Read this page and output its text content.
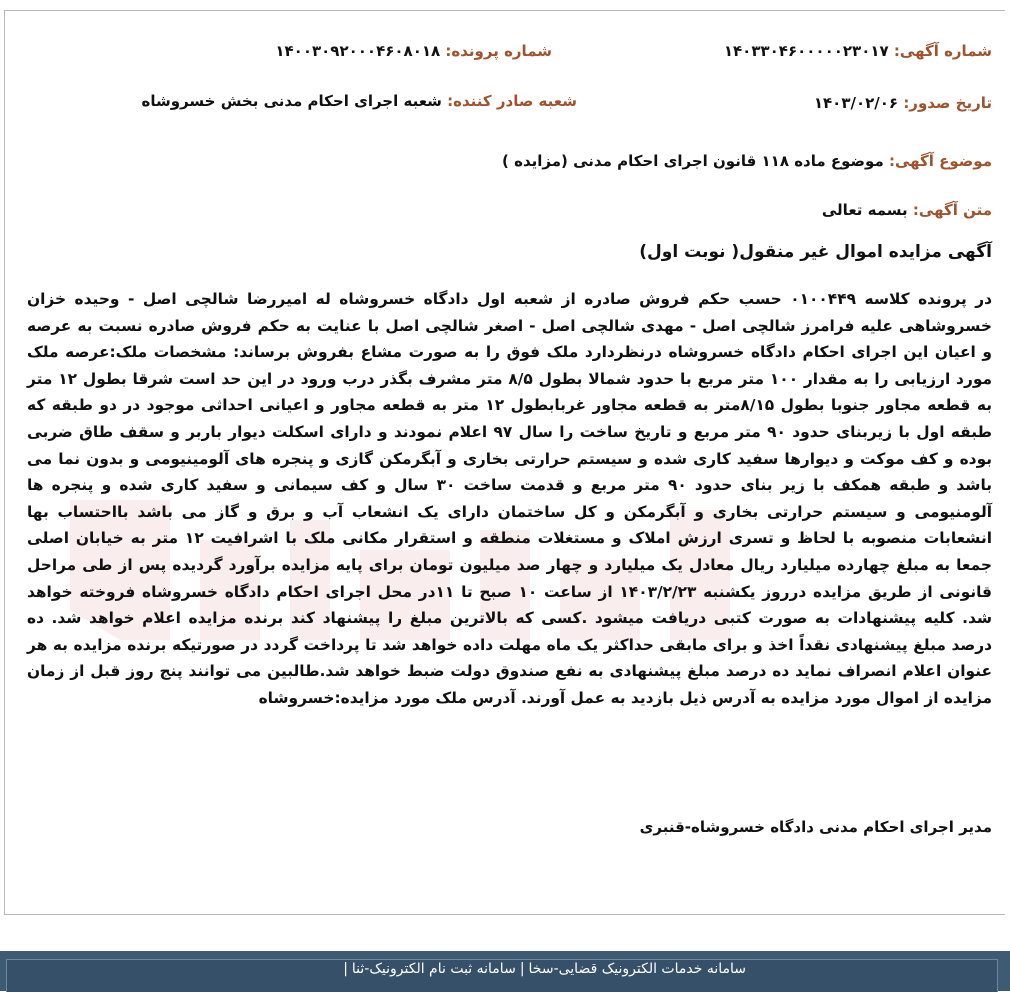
شماره آگهی: ۱۴۰۳۳۰۴۶۰۰۰۰۰۲۳۰۱۷
شماره پرونده: ۱۴۰۰۳۰۹۲۰۰۰۴۶۰۸۰۱۸
تاریخ صدور: ۱۴۰۳/۰۲/۰۶
شعبه صادر کننده: شعبه اجرای احکام مدنی بخش خسروشاه
موضوع آگهی: موضوع ماده ۱۱۸ قانون اجرای احکام مدنی (مزایده )
متن آگهی: بسمه تعالی
آگهی مزایده اموال غیر منقول( نوبت اول)
در پرونده کلاسه ۰۱۰۰۴۴۹ حسب حکم فروش صادره از شعبه اول دادگاه خسروشاه له امیررضا شالچی اصل - وحیده خزان خسروشاهی علیه فرامرز شالچی اصل - مهدی شالچی اصل - اصغر شالچی اصل با عنایت به حکم فروش صادره نسبت به عرصه و اعیان این اجرای احکام دادگاه خسروشاه درنظردارد ملک فوق را به صورت مشاع بفروش برساند: مشخصات ملک:عرصه ملک مورد ارزیابی را به مقدار ۱۰۰ متر مربع با حدود شمالا بطول ۸/۵ متر مشرف بگذر درب ورود در این حد است شرقا بطول ۱۲ متر به قطعه مجاور جنوبا بطول ۸/۱۵متر به قطعه مجاور غربابطول ۱۲ متر به قطعه مجاور و اعیانی احداثی موجود در دو طبقه که طبقه اول با زیربنای حدود ۹۰ متر مربع و تاریخ ساخت را سال ۹۷ اعلام نمودند و دارای اسکلت دیوار باربر و سقف طاق ضربی بوده و کف موکت و دیوارها سفید کاری شده و سیستم حرارتی بخاری و آبگرمکن گازی و پنجره های آلومینیومی و بدون نما می باشد و طبقه همکف با زیر بنای حدود ۹۰ متر مربع و قدمت ساخت ۳۰ سال و کف سیمانی و سفید کاری شده و پنجره ها آلومنیومی و سیستم حرارتی بخاری و آبگرمکن و کل ساختمان دارای یک انشعاب آب و برق و گاز می باشد بااحتساب بها انشعابات منصوبه با لحاظ و تسری ارزش املاک و مستغلات منطقه و استقرار مکانی ملک با اشرافیت ۱۲ متر به خیابان اصلی جمعا به مبلغ چهارده میلیارد ریال معادل یک میلیارد و چهار صد میلیون تومان برای پایه مزایده برآورد گردیده پس از طی مراحل قانونی از طریق مزایده درروز یکشنبه ۱۴۰۳/۲/۲۳ از ساعت ۱۰ صبح تا ۱۱در محل اجرای احکام دادگاه خسروشاه فروخته خواهد شد. کلیه پیشنهادات به صورت کتبی دریافت میشود .کسی که بالاترین مبلغ را پیشنهاد کند برنده مزایده اعلام خواهد شد. ده درصد مبلغ پیشنهادی نقداً اخذ و برای مابقی حداکثر یک ماه مهلت داده خواهد شد تا پرداخت گردد در صورتیکه برنده مزایده به هر عنوان اعلام انصراف نماید ده درصد مبلغ پیشنهادی به نفع صندوق دولت ضبط خواهد شد.طالبین می توانند پنج روز قبل از زمان مزایده از اموال مورد مزایده به آدرس ذیل بازدید به عمل آورند. آدرس ملک مورد مزایده:خسروشاه
مدیر اجرای احکام مدنی دادگاه خسروشاه-قنبری
سامانه خدمات الکترونیک قضایی-سخا|سامانه ثبت نام الکترونیک-ثنا|
